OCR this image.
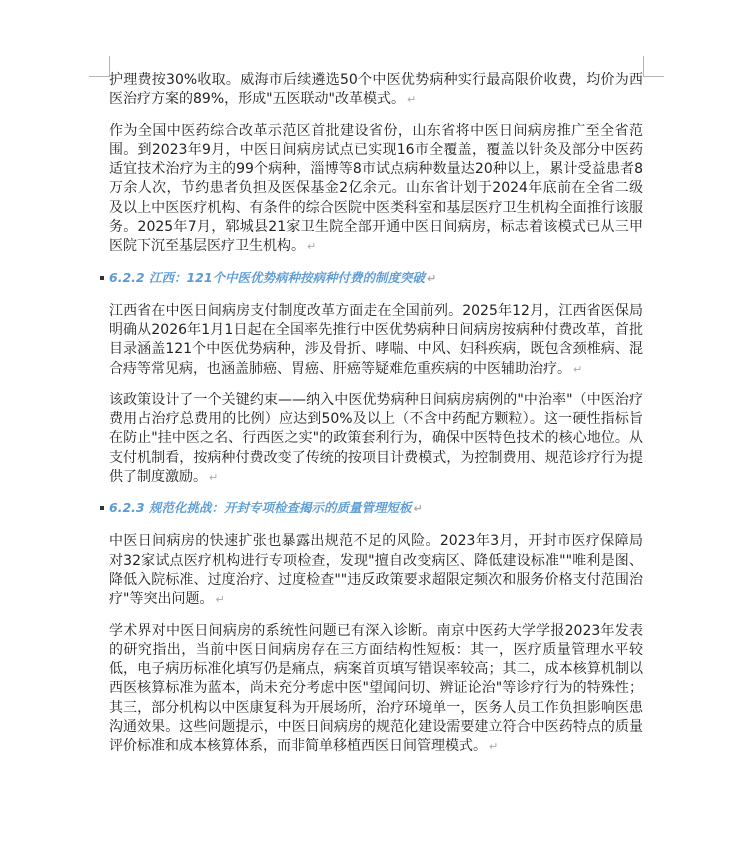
护理费按30%收取。威海市后续遴选50个中医优势病种实行最高限价收费，均价为西医治疗方案的89%，形成"五医联动"改革模式。 ↵

作为全国中医药综合改革示范区首批建设省份，山东省将中医日间病房推广至全省范围。到2023年9月，中医日间病房试点已实现16市全覆盖，覆盖以针灸及部分中医药适宜技术治疗为主的99个病种，淄博等8市试点病种数量达20种以上，累计受益患者8万余人次，节约患者负担及医保基金2亿余元。山东省计划于2024年底前在全省二级及以上中医医疗机构、有条件的综合医院中医类科室和基层医疗卫生机构全面推行该服务。2025年7月，郓城县21家卫生院全部开通中医日间病房，标志着该模式已从三甲医院下沉至基层医疗卫生机构。 ↵

6.2.2 江西：121个中医优势病种按病种付费的制度突破 ↵

江西省在中医日间病房支付制度改革方面走在全国前列。2025年12月，江西省医保局明确从2026年1月1日起在全国率先推行中医优势病种日间病房按病种付费改革，首批目录涵盖121个中医优势病种，涉及骨折、哮喘、中风、妇科疾病，既包含颈椎病、混合痔等常见病，也涵盖肺癌、胃癌、肝癌等疑难危重疾病的中医辅助治疗。 ↵

该政策设计了一个关键约束——纳入中医优势病种日间病房病例的"中治率"（中医治疗费用占治疗总费用的比例）应达到50%及以上（不含中药配方颗粒）。这一硬性指标旨在防止"挂中医之名、行西医之实"的政策套利行为，确保中医特色技术的核心地位。从支付机制看，按病种付费改变了传统的按项目计费模式，为控制费用、规范诊疗行为提供了制度激励。 ↵

6.2.3 规范化挑战：开封专项检查揭示的质量管理短板 ↵

中医日间病房的快速扩张也暴露出规范不足的风险。2023年3月，开封市医疗保障局对32家试点医疗机构进行专项检查，发现"擅自改变病区、降低建设标准""唯利是图、降低入院标准、过度治疗、过度检查""违反政策要求超限定频次和服务价格支付范围治疗"等突出问题。 ↵

学术界对中医日间病房的系统性问题已有深入诊断。南京中医药大学学报2023年发表的研究指出，当前中医日间病房存在三方面结构性短板：其一，医疗质量管理水平较低，电子病历标准化填写仍是痛点，病案首页填写错误率较高；其二，成本核算机制以西医核算标准为蓝本，尚未充分考虑中医"望闻问切、辨证论治"等诊疗行为的特殊性；其三，部分机构以中医康复科为开展场所，治疗环境单一，医务人员工作负担影响医患沟通效果。这些问题提示，中医日间病房的规范化建设需要建立符合中医药特点的质量评价标准和成本核算体系，而非简单移植西医日间管理模式。 ↵
